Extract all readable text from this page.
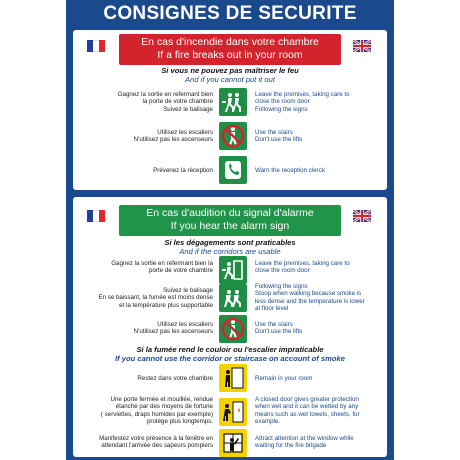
CONSIGNES DE SECURITE
En cas d'incendie dans votre chambre
If a fire breaks out in your room
Si vous ne pouvez pas maîtriser le feu
And if you cannot put it out
Gagnez la sortie en refermant bien
la porte de votre chambre
Suivez le balisage
Leave the premises, taking care to
close the room door
Following the signs
Utilisez les escaliers
N'utilisez pas les ascenseurs
Use the stairs
Don't use the lifts
Prévenez la réception	Warn the reception clerck
En cas d'audition du signal d'alarme
If you hear the alarm sign
Si les dégagements sont praticables
And if the corridors are usable
Gagnez la sortie en refermant bien la
porte de votre chambre
Leave the premises, taking care to
close the room door
Suivez le balisage
En se baissant, la fumée est moins dense
et la température plus supportable
Following the signs
Stoop when walking because smoke is
less dense and the temperature is lower
at floor level
Utilisez les escaliers
N'utilisez pas les ascenseurs
Use the stairs
Don't use the lifts
Si la fumée rend le couloir ou l'escalier impraticable
If you cannot use the corridor or staircase on account of smoke
Restez dans votre chambre	Remain in your room
Une porte fermée et mouillée, rendue
étanche par des moyens de fortune
( serviettes, draps humides par exemple)
protège plus longtemps.
A closed door gives greater protection
when wet and it can be wetted by any
means such as wet towels, sheets, for
example.
Manifestez votre présence à la fenêtre en
attendant l'arrivée des sapeurs pompiers
Attract attention at the window while
waiting for the fire brigade
